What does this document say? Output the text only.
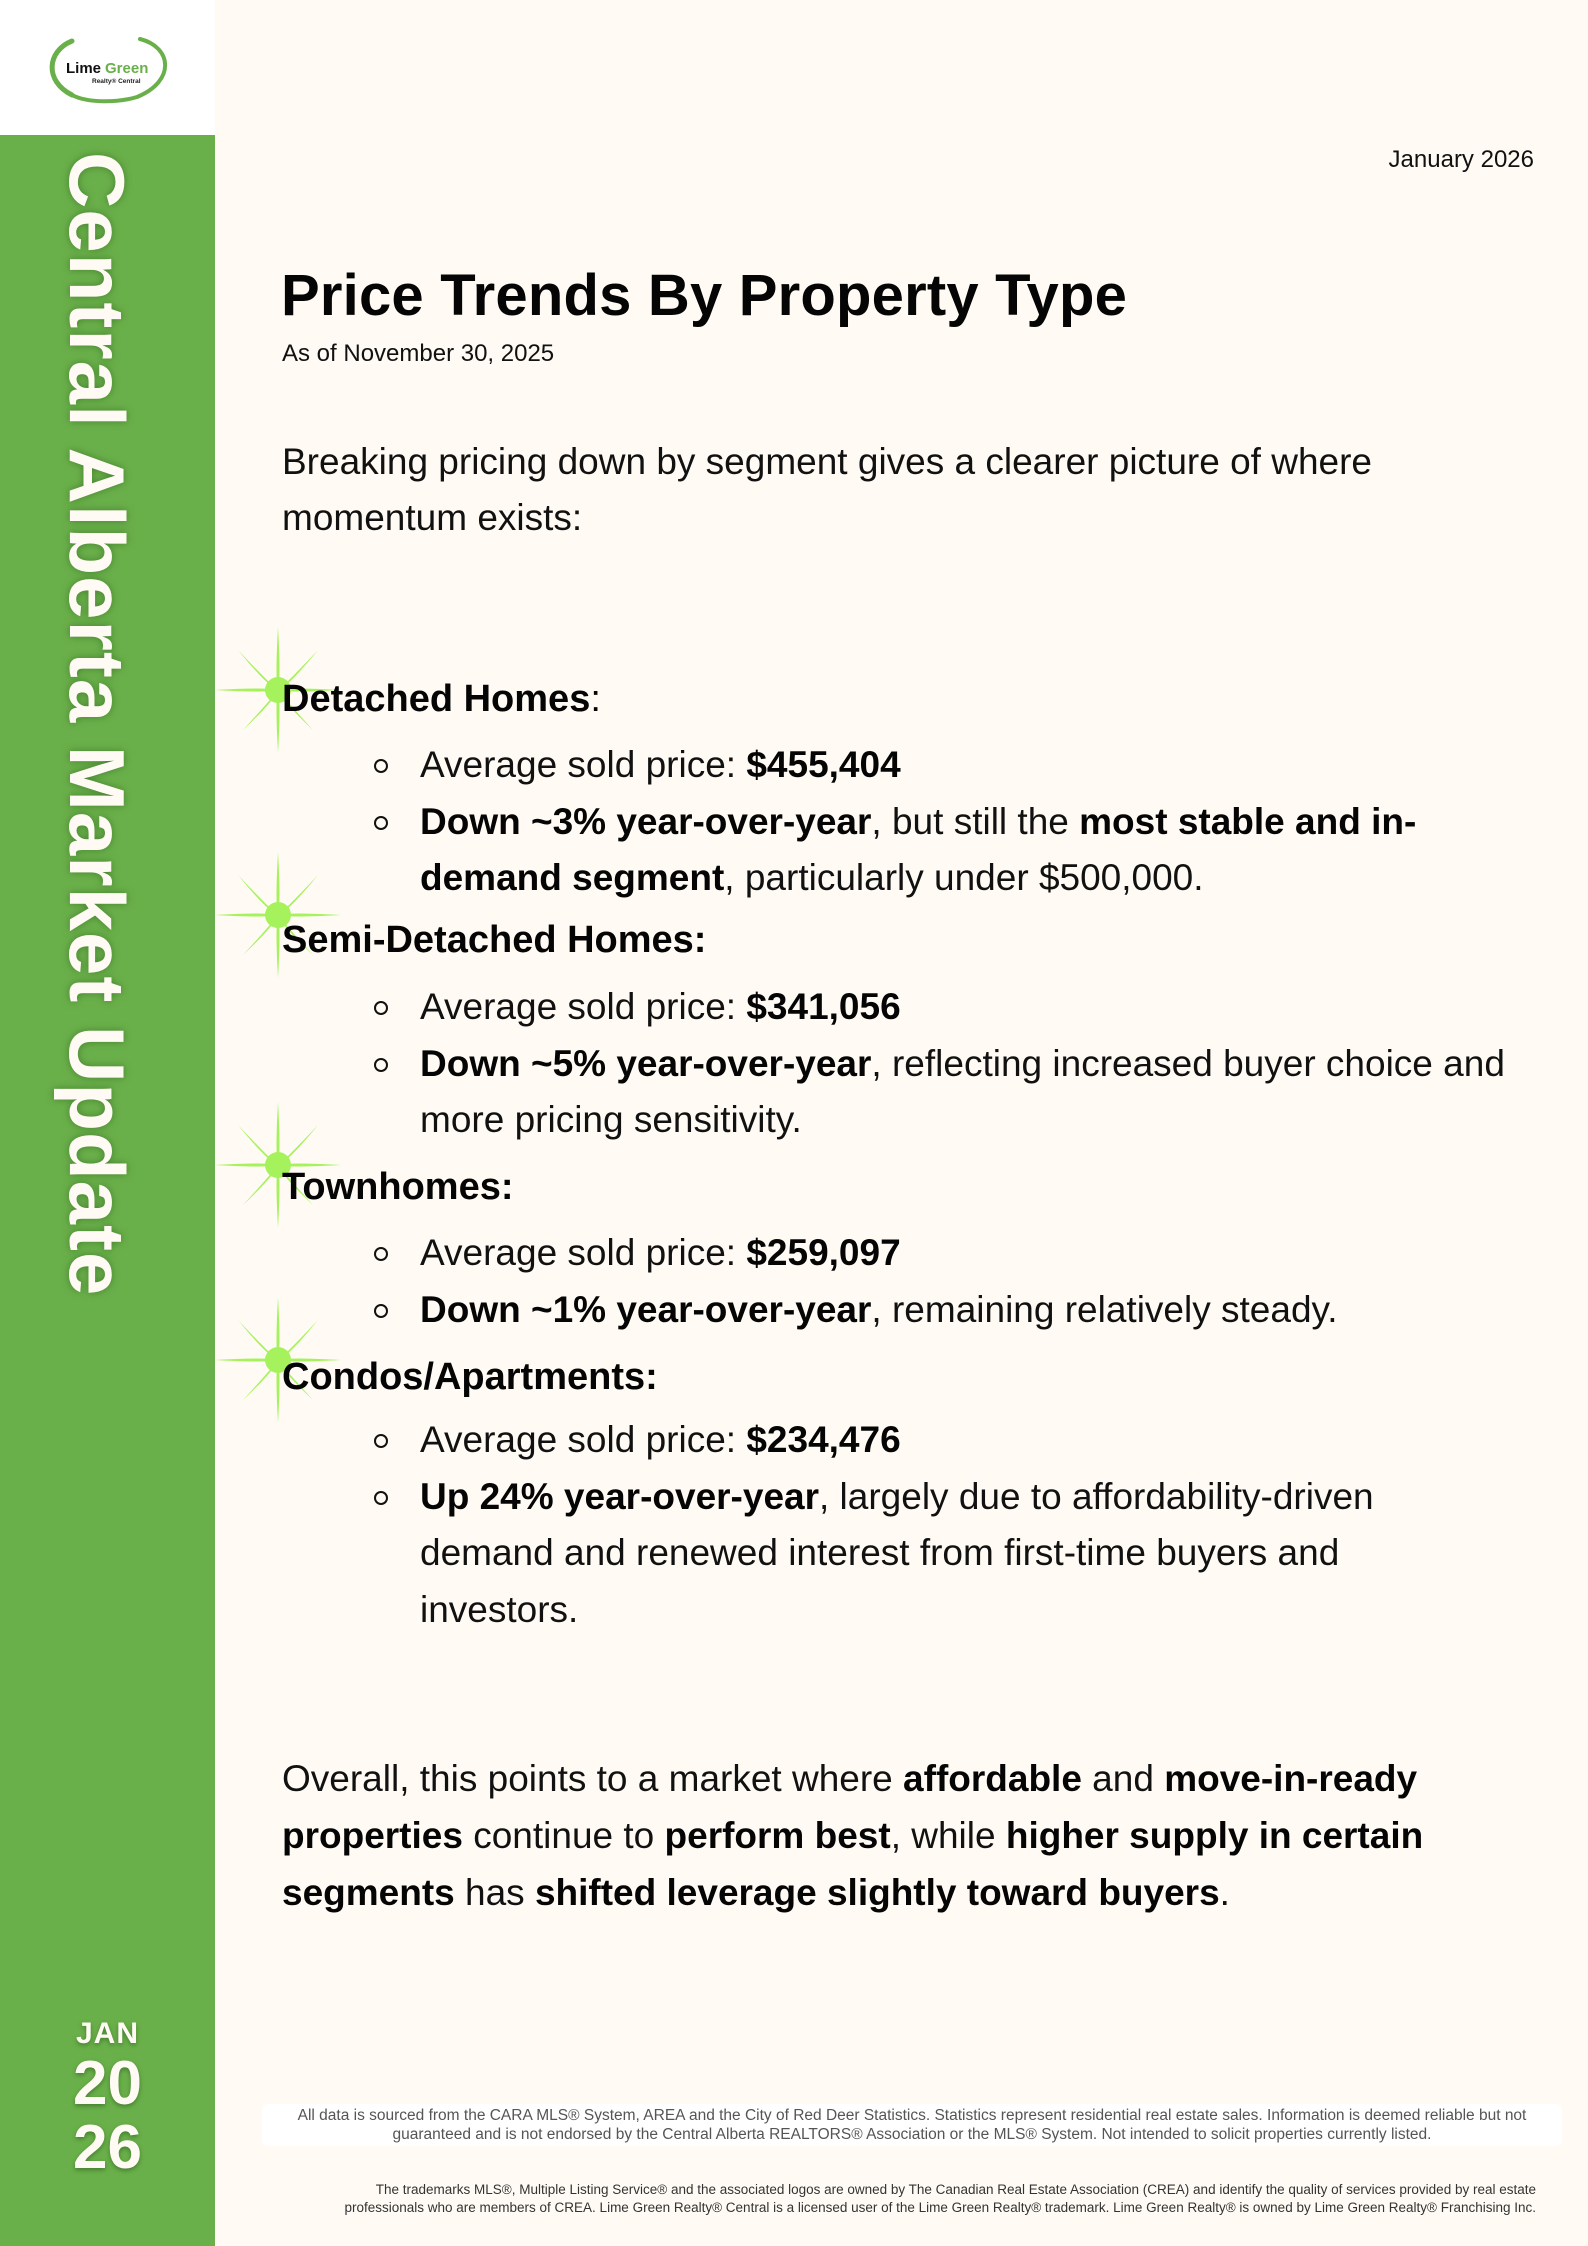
Lime Green
Realty® Central
Central Alberta Market Update
JAN
20
26
January 2026
Price Trends By Property Type
As of November 30, 2025

Breaking pricing down by segment gives a clearer picture of where momentum exists:

Detached Homes:
Average sold price: $455,404
Down ~3% year-over-year, but still the most stable and in-demand segment, particularly under $500,000.
Semi-Detached Homes:
Average sold price: $341,056
Down ~5% year-over-year, reflecting increased buyer choice and more pricing sensitivity.
Townhomes:
Average sold price: $259,097
Down ~1% year-over-year, remaining relatively steady.
Condos/Apartments:
Average sold price: $234,476
Up 24% year-over-year, largely due to affordability-driven demand and renewed interest from first-time buyers and investors.

Overall, this points to a market where affordable and move-in-ready properties continue to perform best, while higher supply in certain segments has shifted leverage slightly toward buyers.

All data is sourced from the CARA MLS® System, AREA and the City of Red Deer Statistics. Statistics represent residential real estate sales. Information is deemed reliable but not guaranteed and is not endorsed by the Central Alberta REALTORS® Association or the MLS® System. Not intended to solicit properties currently listed.
The trademarks MLS®, Multiple Listing Service® and the associated logos are owned by The Canadian Real Estate Association (CREA) and identify the quality of services provided by real estate
professionals who are members of CREA. Lime Green Realty® Central is a licensed user of the Lime Green Realty® trademark. Lime Green Realty® is owned by Lime Green Realty® Franchising Inc.
